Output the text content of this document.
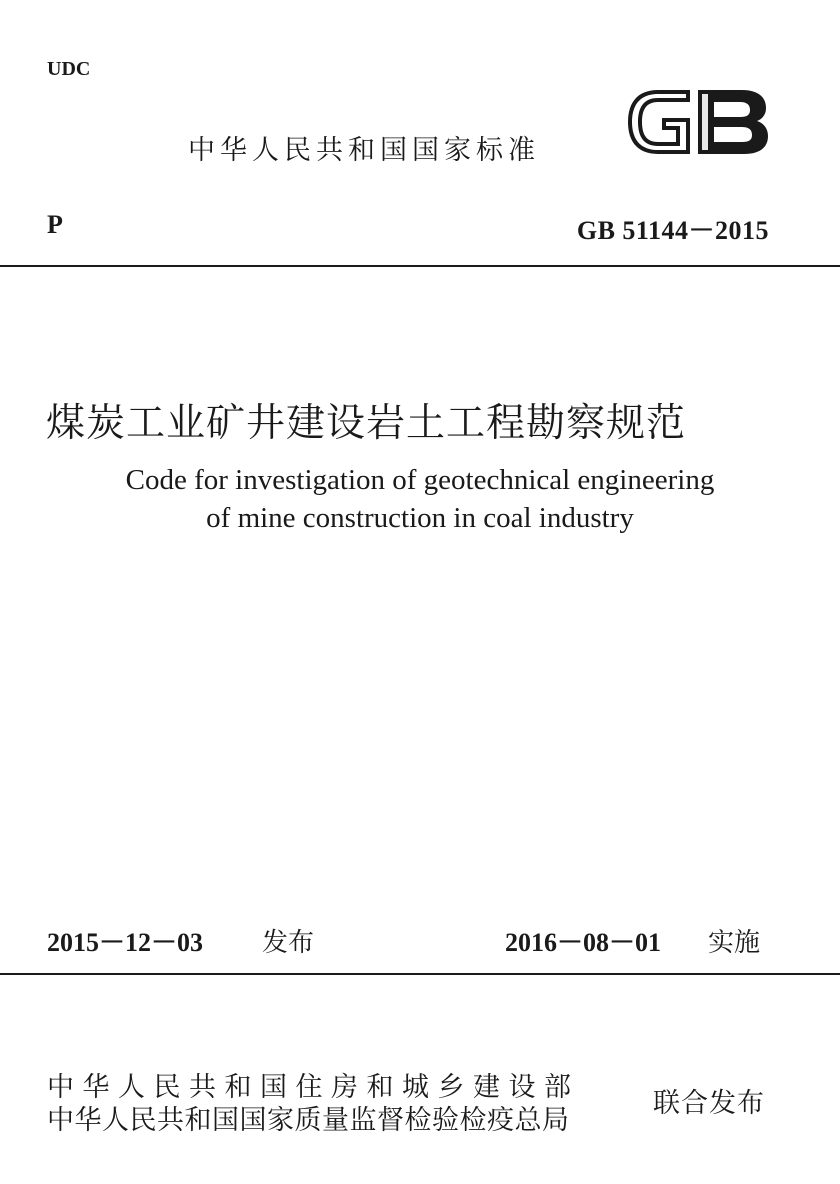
UDC
中华人民共和国国家标准
P	GB 51144－2015
煤炭工业矿井建设岩土工程勘察规范
Code for investigation of geotechnical engineering
of mine construction in coal industry
2015－12－03 发布	2016－08－01 实施
中华人民共和国住房和城乡建设部
中华人民共和国国家质量监督检验检疫总局
联合发布
